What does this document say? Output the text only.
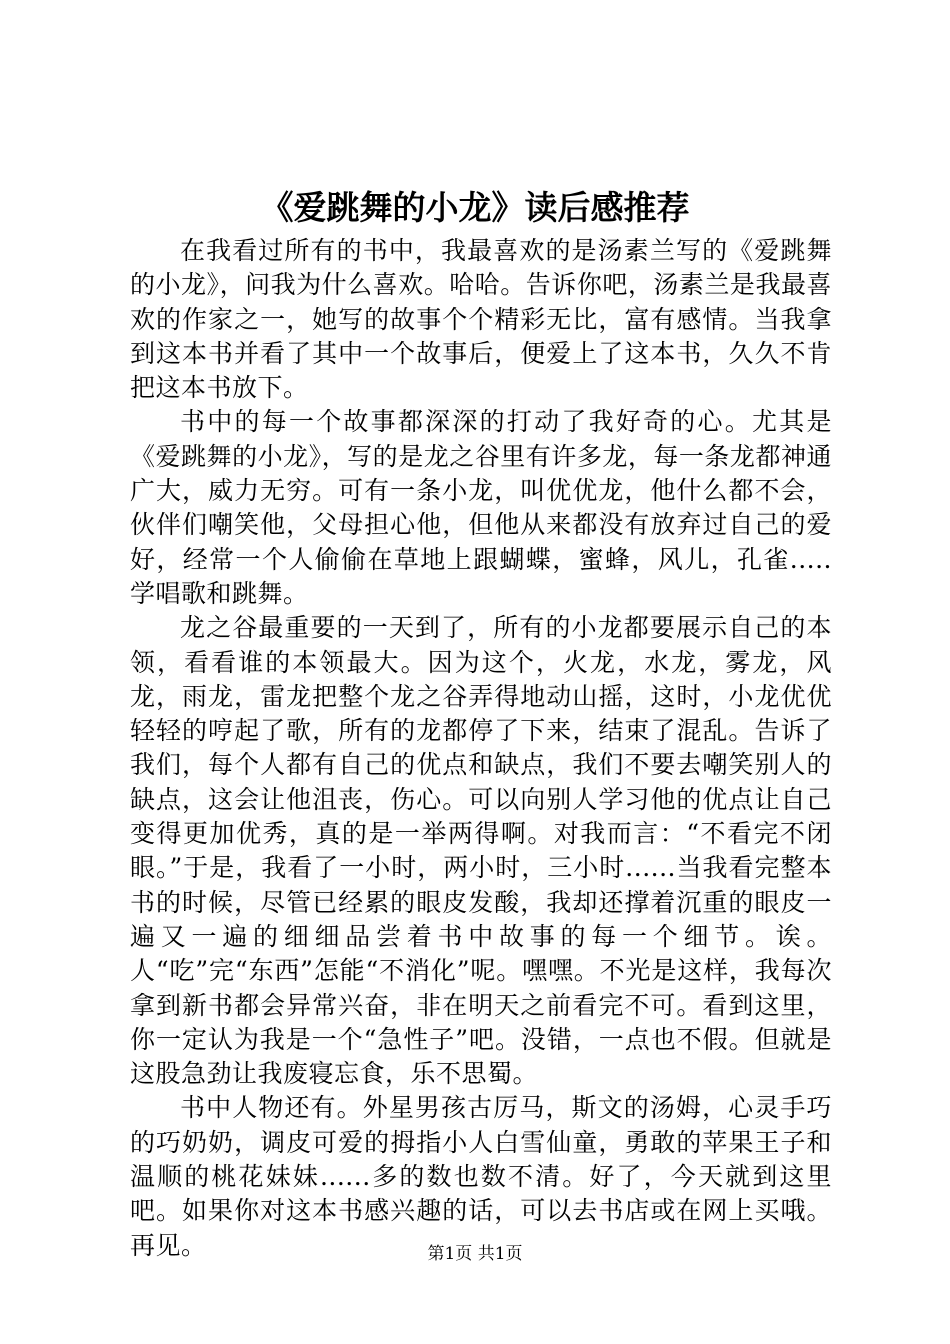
《爱跳舞的小龙》读后感推荐

在我看过所有的书中，我最喜欢的是汤素兰写的《爱跳舞的小龙》，问我为什么喜欢。哈哈。告诉你吧，汤素兰是我最喜欢的作家之一，她写的故事个个精彩无比，富有感情。当我拿到这本书并看了其中一个故事后，便爱上了这本书，久久不肯把这本书放下。

书中的每一个故事都深深的打动了我好奇的心。尤其是《爱跳舞的小龙》，写的是龙之谷里有许多龙，每一条龙都神通广大，威力无穷。可有一条小龙，叫优优龙，他什么都不会，伙伴们嘲笑他，父母担心他，但他从来都没有放弃过自己的爱好，经常一个人偷偷在草地上跟蝴蝶，蜜蜂，风儿，孔雀.....学唱歌和跳舞。

龙之谷最重要的一天到了，所有的小龙都要展示自己的本领，看看谁的本领最大。因为这个，火龙，水龙，雾龙，风龙，雨龙，雷龙把整个龙之谷弄得地动山摇，这时，小龙优优轻轻的哼起了歌，所有的龙都停了下来，结束了混乱。告诉了我们，每个人都有自己的优点和缺点，我们不要去嘲笑别人的缺点，这会让他沮丧，伤心。可以向别人学习他的优点让自己变得更加优秀，真的是一举两得啊。对我而言：“不看完不闭眼。”于是，我看了一小时，两小时，三小时......当我看完整本书的时候，尽管已经累的眼皮发酸，我却还撑着沉重的眼皮一遍又一遍的细细品尝着书中故事的每一个细节。诶。人“吃”完“东西”怎能“不消化”呢。嘿嘿。不光是这样，我每次拿到新书都会异常兴奋，非在明天之前看完不可。看到这里，你一定认为我是一个“急性子”吧。没错，一点也不假。但就是这股急劲让我废寝忘食，乐不思蜀。

书中人物还有。外星男孩古厉马，斯文的汤姆，心灵手巧的巧奶奶，调皮可爱的拇指小人白雪仙童，勇敢的苹果王子和温顺的桃花妹妹......多的数也数不清。好了，今天就到这里吧。如果你对这本书感兴趣的话，可以去书店或在网上买哦。再见。	第1页 共1页
